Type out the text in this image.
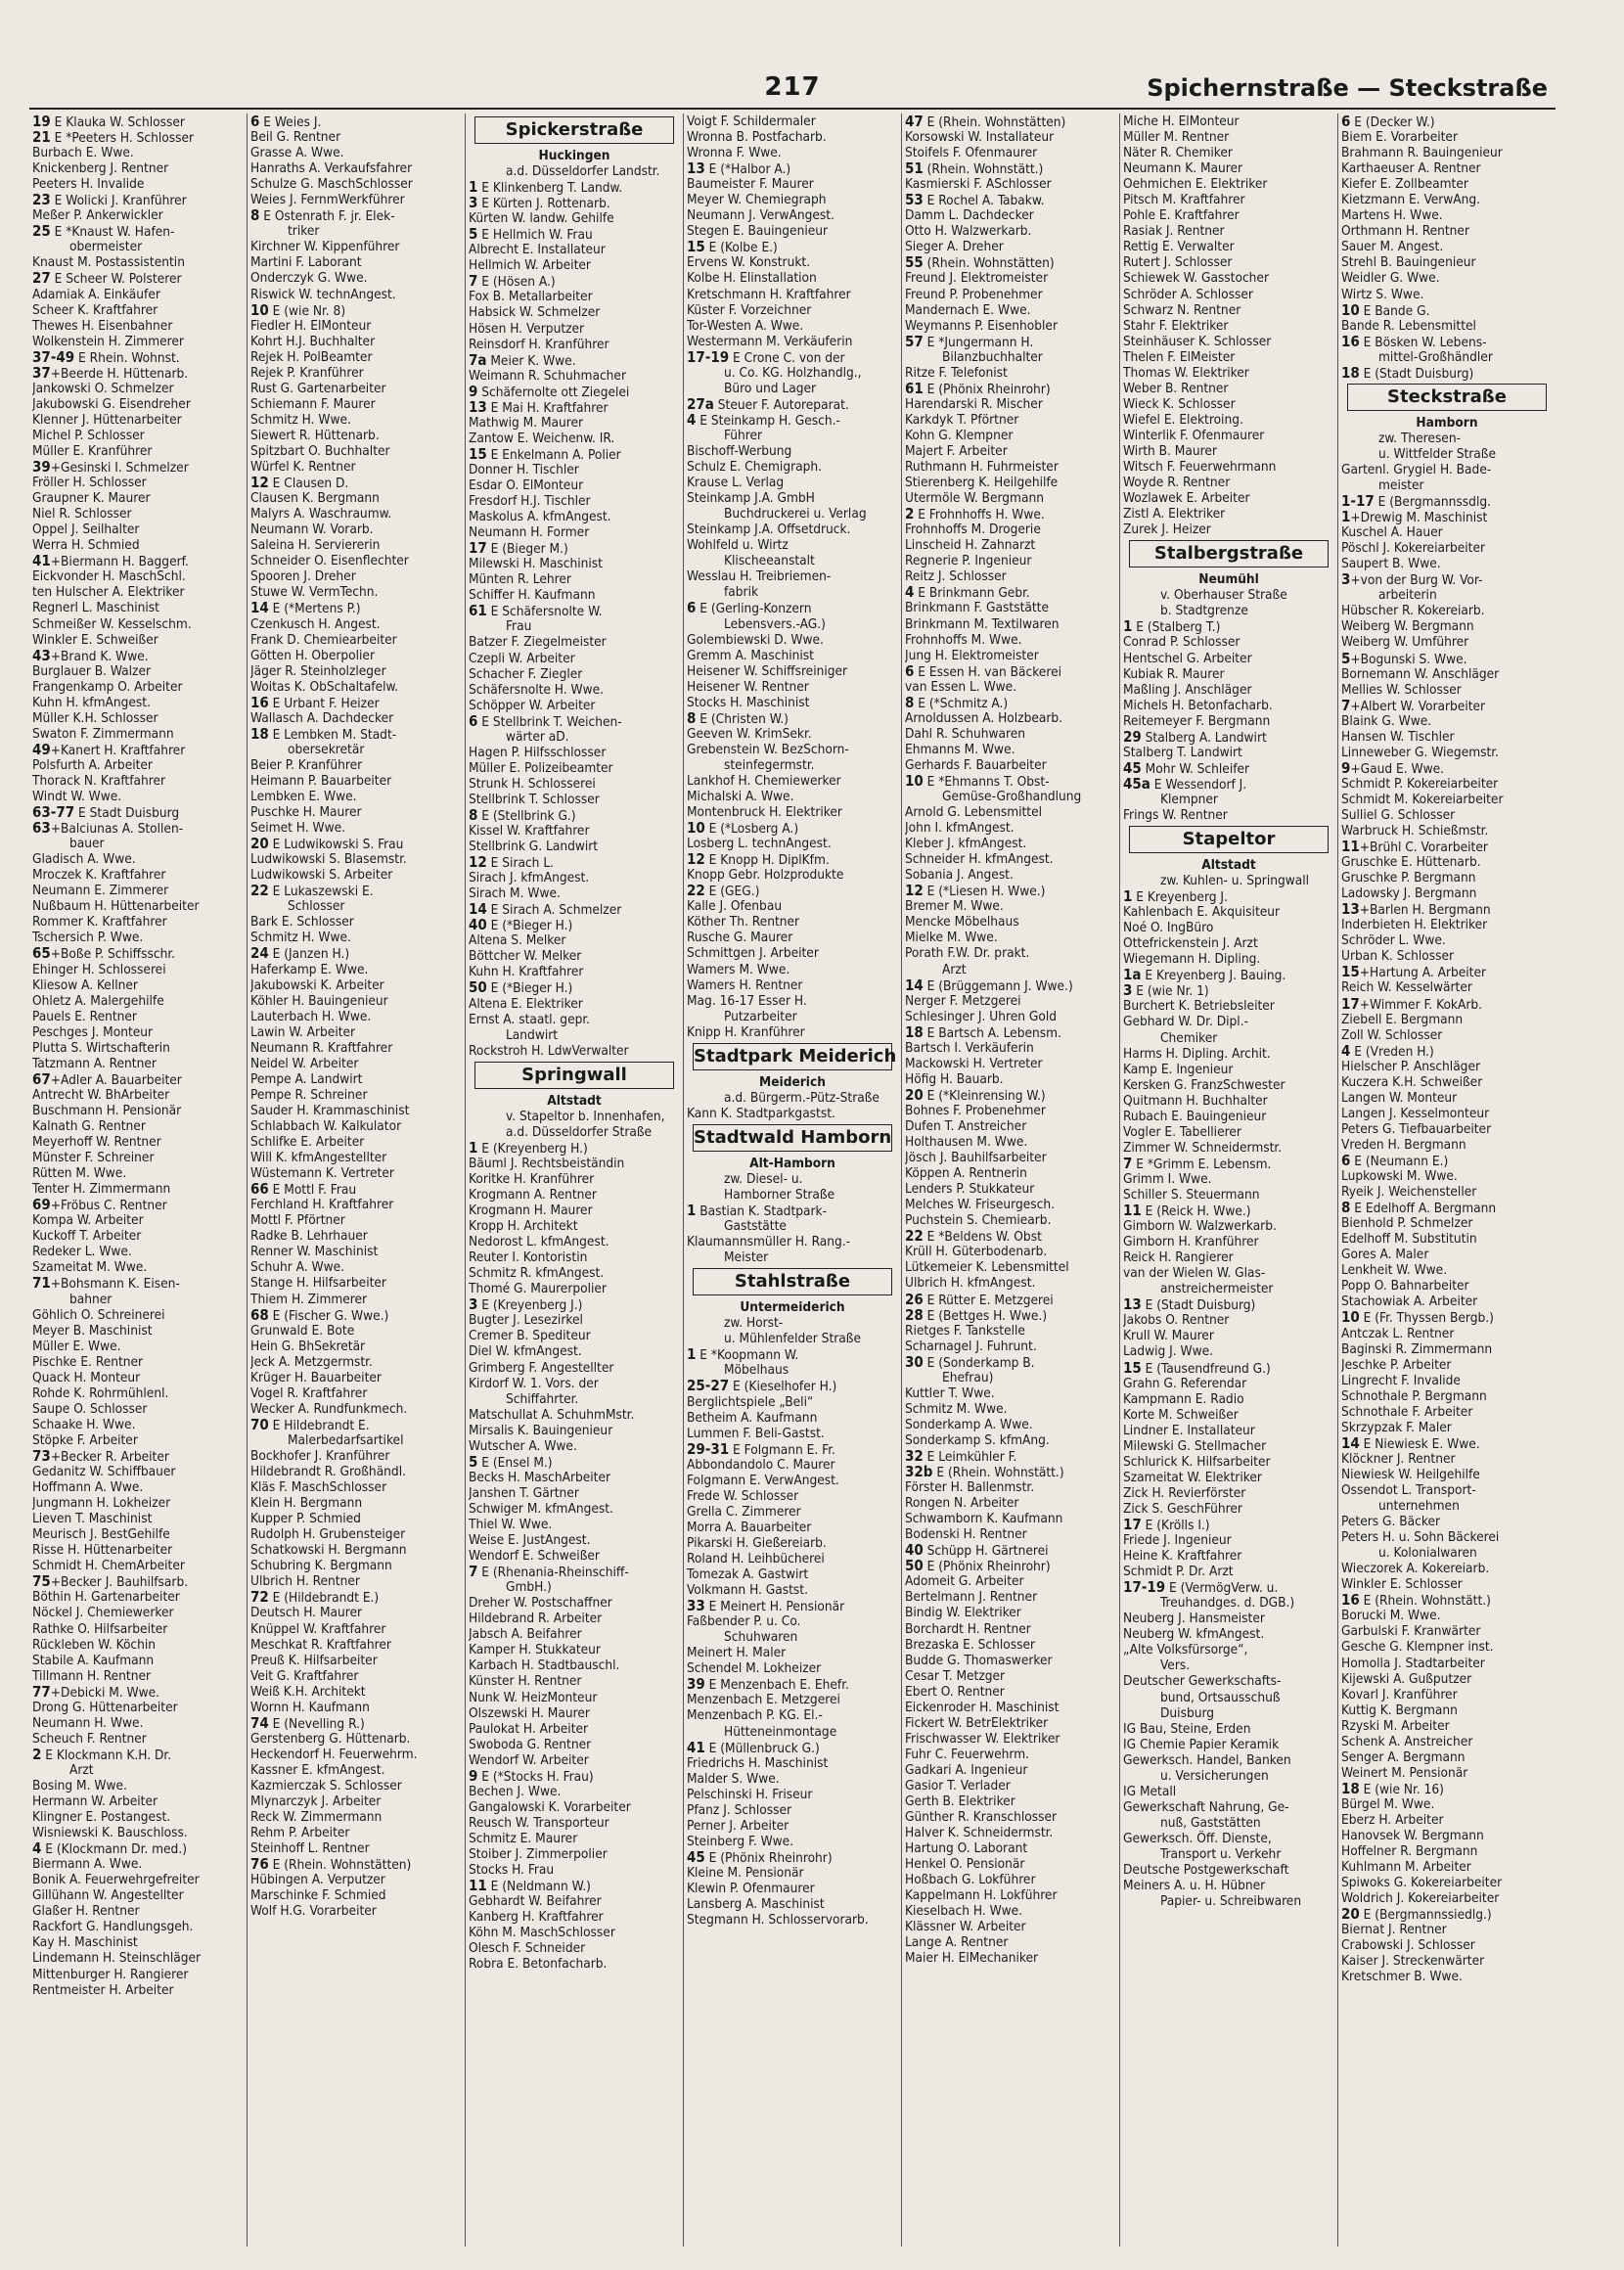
217	Spichernstraße — Steckstraße
19 E Klauka W. Schlosser
21 E *Peeters H. Schlosser
Burbach E. Wwe.
Knickenberg J. Rentner
Peeters H. Invalide
23 E Wolicki J. Kranführer
Meßer P. Ankerwickler
25 E *Knaust W. Hafen-
obermeister
Knaust M. Postassistentin
27 E Scheer W. Polsterer
Adamiak A. Einkäufer
Scheer K. Kraftfahrer
Thewes H. Eisenbahner
Wolkenstein H. Zimmerer
37-49 E Rhein. Wohnst.
37+Beerde H. Hüttenarb.
Jankowski O. Schmelzer
Jakubowski G. Eisendreher
Klenner J. Hüttenarbeiter
Michel P. Schlosser
Müller E. Kranführer
39+Gesinski I. Schmelzer
Fröller H. Schlosser
Graupner K. Maurer
Niel R. Schlosser
Oppel J. Seilhalter
Werra H. Schmied
41+Biermann H. Baggerf.
Eickvonder H. MaschSchl.
ten Hulscher A. Elektriker
Regnerl L. Maschinist
Schmeißer W. Kesselschm.
Winkler E. Schweißer
43+Brand K. Wwe.
Burglauer B. Walzer
Frangenkamp O. Arbeiter
Kuhn H. kfmAngest.
Müller K.H. Schlosser
Swaton F. Zimmermann
49+Kanert H. Kraftfahrer
Polsfurth A. Arbeiter
Thorack N. Kraftfahrer
Windt W. Wwe.
63-77 E Stadt Duisburg
63+Balciunas A. Stollen-
bauer
Gladisch A. Wwe.
Mroczek K. Kraftfahrer
Neumann E. Zimmerer
Nußbaum H. Hüttenarbeiter
Rommer K. Kraftfahrer
Tschersich P. Wwe.
65+Boße P. Schiffsschr.
Ehinger H. Schlosserei
Kliesow A. Kellner
Ohletz A. Malergehilfe
Pauels E. Rentner
Peschges J. Monteur
Plutta S. Wirtschafterin
Tatzmann A. Rentner
67+Adler A. Bauarbeiter
Antrecht W. BhArbeiter
Buschmann H. Pensionär
Kalnath G. Rentner
Meyerhoff W. Rentner
Münster F. Schreiner
Rütten M. Wwe.
Tenter H. Zimmermann
69+Fröbus C. Rentner
Kompa W. Arbeiter
Kuckoff T. Arbeiter
Redeker L. Wwe.
Szameitat M. Wwe.
71+Bohsmann K. Eisen-
bahner
Göhlich O. Schreinerei
Meyer B. Maschinist
Müller E. Wwe.
Pischke E. Rentner
Quack H. Monteur
Rohde K. Rohrmühlenl.
Saupe O. Schlosser
Schaake H. Wwe.
Stöpke F. Arbeiter
73+Becker R. Arbeiter
Gedanitz W. Schiffbauer
Hoffmann A. Wwe.
Jungmann H. Lokheizer
Lieven T. Maschinist
Meurisch J. BestGehilfe
Risse H. Hüttenarbeiter
Schmidt H. ChemArbeiter
75+Becker J. Bauhilfsarb.
Böthin H. Gartenarbeiter
Nöckel J. Chemiewerker
Rathke O. Hilfsarbeiter
Rückleben W. Köchin
Stabile A. Kaufmann
Tillmann H. Rentner
77+Debicki M. Wwe.
Drong G. Hüttenarbeiter
Neumann H. Wwe.
Scheuch F. Rentner
2 E Klockmann K.H. Dr.
Arzt
Bosing M. Wwe.
Hermann W. Arbeiter
Klingner E. Postangest.
Wisniewski K. Bauschloss.
4 E (Klockmann Dr. med.)
Biermann A. Wwe.
Bonik A. Feuerwehrgefreiter
Gillühann W. Angestellter
Glaßer H. Rentner
Rackfort G. Handlungsgeh.
Kay H. Maschinist
Lindemann H. Steinschläger
Mittenburger H. Rangierer
Rentmeister H. Arbeiter
6 E Weies J.
Beil G. Rentner
Grasse A. Wwe.
Hanraths A. Verkaufsfahrer
Schulze G. MaschSchlosser
Weies J. FernmWerkführer
8 E Ostenrath F. jr. Elek-
triker
Kirchner W. Kippenführer
Martini F. Laborant
Onderczyk G. Wwe.
Riswick W. technAngest.
10 E (wie Nr. 8)
Fiedler H. ElMonteur
Kohrt H.J. Buchhalter
Rejek H. PolBeamter
Rejek P. Kranführer
Rust G. Gartenarbeiter
Schiemann F. Maurer
Schmitz H. Wwe.
Siewert R. Hüttenarb.
Spitzbart O. Buchhalter
Würfel K. Rentner
12 E Clausen D.
Clausen K. Bergmann
Malyrs A. Waschraumw.
Neumann W. Vorarb.
Saleina H. Serviererin
Schneider O. Eisenflechter
Spooren J. Dreher
Stuwe W. VermTechn.
14 E (*Mertens P.)
Czenkusch H. Angest.
Frank D. Chemiearbeiter
Götten H. Oberpolier
Jäger R. Steinholzleger
Woitas K. ObSchaltafelw.
16 E Urbant F. Heizer
Wallasch A. Dachdecker
18 E Lembken M. Stadt-
obersekretär
Beier P. Kranführer
Heimann P. Bauarbeiter
Lembken E. Wwe.
Puschke H. Maurer
Seimet H. Wwe.
20 E Ludwikowski S. Frau
Ludwikowski S. Blasemstr.
Ludwikowski S. Arbeiter
22 E Lukaszewski E.
Schlosser
Bark E. Schlosser
Schmitz H. Wwe.
24 E (Janzen H.)
Haferkamp E. Wwe.
Jakubowski K. Arbeiter
Köhler H. Bauingenieur
Lauterbach H. Wwe.
Lawin W. Arbeiter
Neumann R. Kraftfahrer
Neidel W. Arbeiter
Pempe A. Landwirt
Pempe R. Schreiner
Sauder H. Krammaschinist
Schlabbach W. Kalkulator
Schlifke E. Arbeiter
Will K. kfmAngestellter
Wüstemann K. Vertreter
66 E Mottl F. Frau
Ferchland H. Kraftfahrer
Mottl F. Pförtner
Radke B. Lehrhauer
Renner W. Maschinist
Schuhr A. Wwe.
Stange H. Hilfsarbeiter
Thiem H. Zimmerer
68 E (Fischer G. Wwe.)
Grunwald E. Bote
Hein G. BhSekretär
Jeck A. Metzgermstr.
Krüger H. Bauarbeiter
Vogel R. Kraftfahrer
Wecker A. Rundfunkmech.
70 E Hildebrandt E.
Malerbedarfsartikel
Bockhofer J. Kranführer
Hildebrandt R. Großhändl.
Kläs F. MaschSchlosser
Klein H. Bergmann
Kupper P. Schmied
Rudolph H. Grubensteiger
Schatkowski H. Bergmann
Schubring K. Bergmann
Ulbrich H. Rentner
72 E (Hildebrandt E.)
Deutsch H. Maurer
Knüppel W. Kraftfahrer
Meschkat R. Kraftfahrer
Preuß K. Hilfsarbeiter
Veit G. Kraftfahrer
Weiß K.H. Architekt
Wornn H. Kaufmann
74 E (Nevelling R.)
Gerstenberg G. Hüttenarb.
Heckendorf H. Feuerwehrm.
Kassner E. kfmAngest.
Kazmierczak S. Schlosser
Mlynarczyk J. Arbeiter
Reck W. Zimmermann
Rehm P. Arbeiter
Steinhoff L. Rentner
76 E (Rhein. Wohnstätten)
Hübingen A. Verputzer
Marschinke F. Schmied
Wolf H.G. Vorarbeiter
Spickerstraße
Huckingen
a.d. Düsseldorfer Landstr.
1 E Klinkenberg T. Landw.
3 E Kürten J. Rottenarb.
Kürten W. landw. Gehilfe
5 E Hellmich W. Frau
Albrecht E. Installateur
Hellmich W. Arbeiter
7 E (Hösen A.)
Fox B. Metallarbeiter
Habsick W. Schmelzer
Hösen H. Verputzer
Reinsdorf H. Kranführer
7a Meier K. Wwe.
Weimann R. Schuhmacher
9 Schäfernolte ott Ziegelei
13 E Mai H. Kraftfahrer
Mathwig M. Maurer
Zantow E. Weichenw. IR.
15 E Enkelmann A. Polier
Donner H. Tischler
Esdar O. ElMonteur
Fresdorf H.J. Tischler
Maskolus A. kfmAngest.
Neumann H. Former
17 E (Bieger M.)
Milewski H. Maschinist
Münten R. Lehrer
Schiffer H. Kaufmann
61 E Schäfersnolte W.
Frau
Batzer F. Ziegelmeister
Czepli W. Arbeiter
Schacher F. Ziegler
Schäfersnolte H. Wwe.
Schöpper W. Arbeiter
6 E Stellbrink T. Weichen-
wärter aD.
Hagen P. Hilfsschlosser
Müller E. Polizeibeamter
Strunk H. Schlosserei
Stellbrink T. Schlosser
8 E (Stellbrink G.)
Kissel W. Kraftfahrer
Stellbrink G. Landwirt
12 E Sirach L.
Sirach J. kfmAngest.
Sirach M. Wwe.
14 E Sirach A. Schmelzer
40 E (*Bieger H.)
Altena S. Melker
Böttcher W. Melker
Kuhn H. Kraftfahrer
50 E (*Bieger H.)
Altena E. Elektriker
Ernst A. staatl. gepr.
Landwirt
Rockstroh H. LdwVerwalter
Springwall
Altstadt
v. Stapeltor b. Innenhafen,
a.d. Düsseldorfer Straße
1 E (Kreyenberg H.)
Bäuml J. Rechtsbeiständin
Koritke H. Kranführer
Krogmann A. Rentner
Krogmann H. Maurer
Kropp H. Architekt
Nedorost L. kfmAngest.
Reuter I. Kontoristin
Schmitz R. kfmAngest.
Thomé G. Maurerpolier
3 E (Kreyenberg J.)
Bugter J. Lesezirkel
Cremer B. Spediteur
Diel W. kfmAngest.
Grimberg F. Angestellter
Kirdorf W. 1. Vors. der
Schiffahrter.
Matschullat A. SchuhmMstr.
Mirsalis K. Bauingenieur
Wutscher A. Wwe.
5 E (Ensel M.)
Becks H. MaschArbeiter
Janshen T. Gärtner
Schwiger M. kfmAngest.
Thiel W. Wwe.
Weise E. JustAngest.
Wendorf E. Schweißer
7 E (Rhenania-Rheinschiff-
GmbH.)
Dreher W. Postschaffner
Hildebrand R. Arbeiter
Jabsch A. Beifahrer
Kamper H. Stukkateur
Karbach H. Stadtbauschl.
Künster H. Rentner
Nunk W. HeizMonteur
Olszewski H. Maurer
Paulokat H. Arbeiter
Swoboda G. Rentner
Wendorf W. Arbeiter
9 E (*Stocks H. Frau)
Bechen J. Wwe.
Gangalowski K. Vorarbeiter
Reusch W. Transporteur
Schmitz E. Maurer
Stoiber J. Zimmerpolier
Stocks H. Frau
11 E (Neldmann W.)
Gebhardt W. Beifahrer
Kanberg H. Kraftfahrer
Köhn M. MaschSchlosser
Olesch F. Schneider
Robra E. Betonfacharb.
Voigt F. Schildermaler
Wronna B. Postfacharb.
Wronna F. Wwe.
13 E (*Halbor A.)
Baumeister F. Maurer
Meyer W. Chemiegraph
Neumann J. VerwAngest.
Stegen E. Bauingenieur
15 E (Kolbe E.)
Ervens W. Konstrukt.
Kolbe H. Elinstallation
Kretschmann H. Kraftfahrer
Küster F. Vorzeichner
Tor-Westen A. Wwe.
Westermann M. Verkäuferin
17-19 E Crone C. von der
u. Co. KG. Holzhandlg.,
Büro und Lager
27a Steuer F. Autoreparat.
4 E Steinkamp H. Gesch.-
Führer
Bischoff-Werbung
Schulz E. Chemigraph.
Krause L. Verlag
Steinkamp J.A. GmbH
Buchdruckerei u. Verlag
Steinkamp J.A. Offsetdruck.
Wohlfeld u. Wirtz
Klischeeanstalt
Wesslau H. Treibriemen-
fabrik
6 E (Gerling-Konzern
Lebensvers.-AG.)
Golembiewski D. Wwe.
Gremm A. Maschinist
Heisener W. Schiffsreiniger
Heisener W. Rentner
Stocks H. Maschinist
8 E (Christen W.)
Geeven W. KrimSekr.
Grebenstein W. BezSchorn-
steinfegermstr.
Lankhof H. Chemiewerker
Michalski A. Wwe.
Montenbruck H. Elektriker
10 E (*Losberg A.)
Losberg L. technAngest.
12 E Knopp H. DiplKfm.
Knopp Gebr. Holzprodukte
22 E (GEG.)
Kalle J. Ofenbau
Köther Th. Rentner
Rusche G. Maurer
Schmittgen J. Arbeiter
Wamers M. Wwe.
Wamers H. Rentner
Mag. 16-17 Esser H.
Putzarbeiter
Knipp H. Kranführer
Stadtpark Meiderich
Meiderich
a.d. Bürgerm.-Pütz-Straße
Kann K. Stadtparkgastst.
Stadtwald Hamborn
Alt-Hamborn
zw. Diesel- u.
Hamborner Straße
1 Bastian K. Stadtpark-
Gaststätte
Klaumannsmüller H. Rang.-
Meister
Stahlstraße
Untermeiderich
zw. Horst-
u. Mühlenfelder Straße
1 E *Koopmann W.
Möbelhaus
25-27 E (Kieselhofer H.)
Berglichtspiele „Beli“
Betheim A. Kaufmann
Lummen F. Beli-Gastst.
29-31 E Folgmann E. Fr.
Abbondandolo C. Maurer
Folgmann E. VerwAngest.
Frede W. Schlosser
Grella C. Zimmerer
Morra A. Bauarbeiter
Pikarski H. Gießereiarb.
Roland H. Leihbücherei
Tomezak A. Gastwirt
Volkmann H. Gastst.
33 E Meinert H. Pensionär
Faßbender P. u. Co.
Schuhwaren
Meinert H. Maler
Schendel M. Lokheizer
39 E Menzenbach E. Ehefr.
Menzenbach E. Metzgerei
Menzenbach P. KG. El.-
Hütteneinmontage
41 E (Müllenbruck G.)
Friedrichs H. Maschinist
Malder S. Wwe.
Pelschinski H. Friseur
Pfanz J. Schlosser
Perner J. Arbeiter
Steinberg F. Wwe.
45 E (Phönix Rheinrohr)
Kleine M. Pensionär
Klewin P. Ofenmaurer
Lansberg A. Maschinist
Stegmann H. Schlosservorarb.
47 E (Rhein. Wohnstätten)
Korsowski W. Installateur
Stoifels F. Ofenmaurer
51 (Rhein. Wohnstätt.)
Kasmierski F. ASchlosser
53 E Rochel A. Tabakw.
Damm L. Dachdecker
Otto H. Walzwerkarb.
Sieger A. Dreher
55 (Rhein. Wohnstätten)
Freund J. Elektromeister
Freund P. Probenehmer
Mandernach E. Wwe.
Weymanns P. Eisenhobler
57 E *Jungermann H.
Bilanzbuchhalter
Ritze F. Telefonist
61 E (Phönix Rheinrohr)
Harendarski R. Mischer
Karkdyk T. Pförtner
Kohn G. Klempner
Majert F. Arbeiter
Ruthmann H. Fuhrmeister
Stierenberg K. Heilgehilfe
Utermöle W. Bergmann
2 E Frohnhoffs H. Wwe.
Frohnhoffs M. Drogerie
Linscheid H. Zahnarzt
Regnerie P. Ingenieur
Reitz J. Schlosser
4 E Brinkmann Gebr.
Brinkmann F. Gaststätte
Brinkmann M. Textilwaren
Frohnhoffs M. Wwe.
Jung H. Elektromeister
6 E Essen H. van Bäckerei
van Essen L. Wwe.
8 E (*Schmitz A.)
Arnoldussen A. Holzbearb.
Dahl R. Schuhwaren
Ehmanns M. Wwe.
Gerhards F. Bauarbeiter
10 E *Ehmanns T. Obst-
Gemüse-Großhandlung
Arnold G. Lebensmittel
John I. kfmAngest.
Kleber J. kfmAngest.
Schneider H. kfmAngest.
Sobania J. Angest.
12 E (*Liesen H. Wwe.)
Bremer M. Wwe.
Mencke Möbelhaus
Mielke M. Wwe.
Porath F.W. Dr. prakt.
Arzt
14 E (Brüggemann J. Wwe.)
Nerger F. Metzgerei
Schlesinger J. Uhren Gold
18 E Bartsch A. Lebensm.
Bartsch I. Verkäuferin
Mackowski H. Vertreter
Höfig H. Bauarb.
20 E (*Kleinrensing W.)
Bohnes F. Probenehmer
Dufen T. Anstreicher
Holthausen M. Wwe.
Jösch J. Bauhilfsarbeiter
Köppen A. Rentnerin
Lenders P. Stukkateur
Melches W. Friseurgesch.
Puchstein S. Chemiearb.
22 E *Beldens W. Obst
Krüll H. Güterbodenarb.
Lütkemeier K. Lebensmittel
Ulbrich H. kfmAngest.
26 E Rütter E. Metzgerei
28 E (Bettges H. Wwe.)
Rietges F. Tankstelle
Scharnagel J. Fuhrunt.
30 E (Sonderkamp B.
Ehefrau)
Kuttler T. Wwe.
Schmitz M. Wwe.
Sonderkamp A. Wwe.
Sonderkamp S. kfmAng.
32 E Leimkühler F.
32b E (Rhein. Wohnstätt.)
Förster H. Ballenmstr.
Rongen N. Arbeiter
Schwamborn K. Kaufmann
Bodenski H. Rentner
40 Schüpp H. Gärtnerei
50 E (Phönix Rheinrohr)
Adomeit G. Arbeiter
Bertelmann J. Rentner
Bindig W. Elektriker
Borchardt H. Rentner
Brezaska E. Schlosser
Budde G. Thomaswerker
Cesar T. Metzger
Ebert O. Rentner
Eickenroder H. Maschinist
Fickert W. BetrElektriker
Frischwasser W. Elektriker
Fuhr C. Feuerwehrm.
Gadkari A. Ingenieur
Gasior T. Verlader
Gerth B. Elektriker
Günther R. Kranschlosser
Halver K. Schneidermstr.
Hartung O. Laborant
Henkel O. Pensionär
Hoßbach G. Lokführer
Kappelmann H. Lokführer
Kieselbach H. Wwe.
Klässner W. Arbeiter
Lange A. Rentner
Maier H. ElMechaniker
Miche H. ElMonteur
Müller M. Rentner
Näter R. Chemiker
Neumann K. Maurer
Oehmichen E. Elektriker
Pitsch M. Kraftfahrer
Pohle E. Kraftfahrer
Rasiak J. Rentner
Rettig E. Verwalter
Rutert J. Schlosser
Schiewek W. Gasstocher
Schröder A. Schlosser
Schwarz N. Rentner
Stahr F. Elektriker
Steinhäuser K. Schlosser
Thelen F. ElMeister
Thomas W. Elektriker
Weber B. Rentner
Wieck K. Schlosser
Wiefel E. Elektroing.
Winterlik F. Ofenmaurer
Wirth B. Maurer
Witsch F. Feuerwehrmann
Woyde R. Rentner
Wozlawek E. Arbeiter
Zistl A. Elektriker
Zurek J. Heizer
Stalbergstraße
Neumühl
v. Oberhauser Straße
b. Stadtgrenze
1 E (Stalberg T.)
Conrad P. Schlosser
Hentschel G. Arbeiter
Kubiak R. Maurer
Maßling J. Anschläger
Michels H. Betonfacharb.
Reitemeyer F. Bergmann
29 Stalberg A. Landwirt
Stalberg T. Landwirt
45 Mohr W. Schleifer
45a E Wessendorf J.
Klempner
Frings W. Rentner
Stapeltor
Altstadt
zw. Kuhlen- u. Springwall
1 E Kreyenberg J.
Kahlenbach E. Akquisiteur
Noé O. IngBüro
Ottefrickenstein J. Arzt
Wiegemann H. Dipling.
1a E Kreyenberg J. Bauing.
3 E (wie Nr. 1)
Burchert K. Betriebsleiter
Gebhard W. Dr. Dipl.-
Chemiker
Harms H. Dipling. Archit.
Kamp E. Ingenieur
Kersken G. FranzSchwester
Quitmann H. Buchhalter
Rubach E. Bauingenieur
Vogler E. Tabellierer
Zimmer W. Schneidermstr.
7 E *Grimm E. Lebensm.
Grimm I. Wwe.
Schiller S. Steuermann
11 E (Reick H. Wwe.)
Gimborn W. Walzwerkarb.
Gimborn H. Kranführer
Reick H. Rangierer
van der Wielen W. Glas-
anstreichermeister
13 E (Stadt Duisburg)
Jakobs O. Rentner
Krull W. Maurer
Ladwig J. Wwe.
15 E (Tausendfreund G.)
Grahn G. Referendar
Kampmann E. Radio
Korte M. Schweißer
Lindner E. Installateur
Milewski G. Stellmacher
Schlurick K. Hilfsarbeiter
Szameitat W. Elektriker
Zick H. Revierförster
Zick S. GeschFührer
17 E (Krölls I.)
Friede J. Ingenieur
Heine K. Kraftfahrer
Schmidt P. Dr. Arzt
17-19 E (VermögVerw. u.
Treuhandges. d. DGB.)
Neuberg J. Hansmeister
Neuberg W. kfmAngest.
„Alte Volksfürsorge“,
Vers.
Deutscher Gewerkschafts-
bund, Ortsausschuß
Duisburg
IG Bau, Steine, Erden
IG Chemie Papier Keramik
Gewerksch. Handel, Banken
u. Versicherungen
IG Metall
Gewerkschaft Nahrung, Ge-
nuß, Gaststätten
Gewerksch. Öff. Dienste,
Transport u. Verkehr
Deutsche Postgewerkschaft
Meiners A. u. H. Hübner
Papier- u. Schreibwaren
6 E (Decker W.)
Biem E. Vorarbeiter
Brahmann R. Bauingenieur
Karthaeuser A. Rentner
Kiefer E. Zollbeamter
Kietzmann E. VerwAng.
Martens H. Wwe.
Orthmann H. Rentner
Sauer M. Angest.
Strehl B. Bauingenieur
Weidler G. Wwe.
Wirtz S. Wwe.
10 E Bande G.
Bande R. Lebensmittel
16 E Bösken W. Lebens-
mittel-Großhändler
18 E (Stadt Duisburg)
Steckstraße
Hamborn
zw. Theresen-
u. Wittfelder Straße
Gartenl. Grygiel H. Bade-
meister
1-17 E (Bergmannssdlg.
1+Drewig M. Maschinist
Kuschel A. Hauer
Pöschl J. Kokereiarbeiter
Saupert B. Wwe.
3+von der Burg W. Vor-
arbeiterin
Hübscher R. Kokereiarb.
Weiberg W. Bergmann
Weiberg W. Umführer
5+Bogunski S. Wwe.
Bornemann W. Anschläger
Mellies W. Schlosser
7+Albert W. Vorarbeiter
Blaink G. Wwe.
Hansen W. Tischler
Linneweber G. Wiegemstr.
9+Gaud E. Wwe.
Schmidt P. Kokereiarbeiter
Schmidt M. Kokereiarbeiter
Sulliel G. Schlosser
Warbruck H. Schießmstr.
11+Brühl C. Vorarbeiter
Gruschke E. Hüttenarb.
Gruschke P. Bergmann
Ladowsky J. Bergmann
13+Barlen H. Bergmann
Inderbieten H. Elektriker
Schröder L. Wwe.
Urban K. Schlosser
15+Hartung A. Arbeiter
Reich W. Kesselwärter
17+Wimmer F. KokArb.
Ziebell E. Bergmann
Zoll W. Schlosser
4 E (Vreden H.)
Hielscher P. Anschläger
Kuczera K.H. Schweißer
Langen W. Monteur
Langen J. Kesselmonteur
Peters G. Tiefbauarbeiter
Vreden H. Bergmann
6 E (Neumann E.)
Lupkowski M. Wwe.
Ryeik J. Weichensteller
8 E Edelhoff A. Bergmann
Bienhold P. Schmelzer
Edelhoff M. Substitutin
Gores A. Maler
Lenkheit W. Wwe.
Popp O. Bahnarbeiter
Stachowiak A. Arbeiter
10 E (Fr. Thyssen Bergb.)
Antczak L. Rentner
Baginski R. Zimmermann
Jeschke P. Arbeiter
Lingrecht F. Invalide
Schnothale P. Bergmann
Schnothale F. Arbeiter
Skrzypzak F. Maler
14 E Niewiesk E. Wwe.
Klöckner J. Rentner
Niewiesk W. Heilgehilfe
Ossendot L. Transport-
unternehmen
Peters G. Bäcker
Peters H. u. Sohn Bäckerei
u. Kolonialwaren
Wieczorek A. Kokereiarb.
Winkler E. Schlosser
16 E (Rhein. Wohnstätt.)
Borucki M. Wwe.
Garbulski F. Kranwärter
Gesche G. Klempner inst.
Homolla J. Stadtarbeiter
Kijewski A. Gußputzer
Kovarl J. Kranführer
Kuttig K. Bergmann
Rzyski M. Arbeiter
Schenk A. Anstreicher
Senger A. Bergmann
Weinert M. Pensionär
18 E (wie Nr. 16)
Bürgel M. Wwe.
Eberz H. Arbeiter
Hanovsek W. Bergmann
Hoffelner R. Bergmann
Kuhlmann M. Arbeiter
Spiwoks G. Kokereiarbeiter
Woldrich J. Kokereiarbeiter
20 E (Bergmannssiedlg.)
Biernat J. Rentner
Crabowski J. Schlosser
Kaiser J. Streckenwärter
Kretschmer B. Wwe.
